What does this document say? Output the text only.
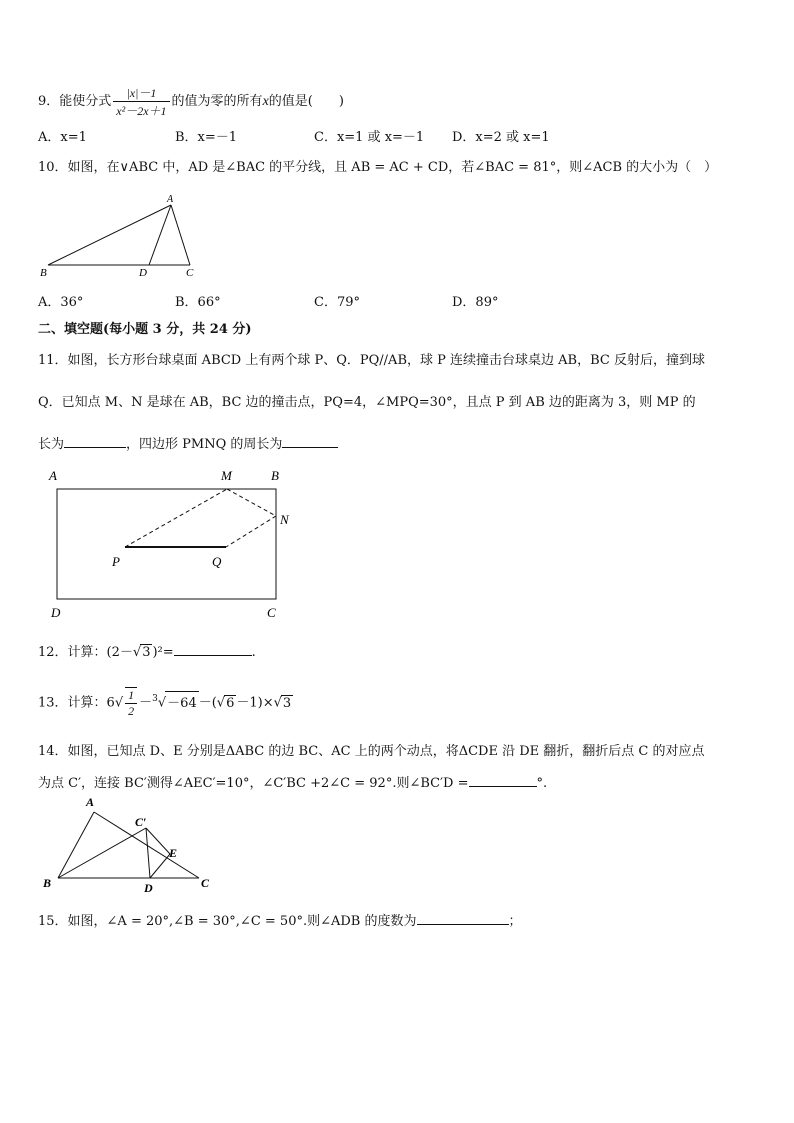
9．能使分式 $\frac{|x|-1}{\text{x²－2x＋1}}$ 的值为零的所有x的值是(　　)
A．x=1	B．x=－1	C．x=1 或 x=－1 D．x=2 或 x=1
10．如图，在∨ABC 中，AD 是∠BAC 的平分线，且 AB = AC + CD，若∠BAC = 81°，则∠ACB 的大小为（　）
A
B	D	C
A．36°	B．66°	C．79°	D．89°
二、填空题(每小题 3 分，共 24 分)
11．如图，长方形台球桌面 ABCD 上有两个球 P、Q．PQ//AB，球 P 连续撞击台球桌边 AB，BC 反射后，撞到球
Q．已知点 M、N 是球在 AB，BC 边的撞击点，PQ=4，∠MPQ=30°，且点 P 到 AB 边的距离为 3，则 MP 的
长为	，四边形 PMNQ 的周长为
A	B
M
N
P	Q
D	C
12．计算：(2－√3 )²=	.
13．计算：$6√ \frac{1}{2} -^3√-64 -(√6 -1)\times√3$
14．如图，已知点 D、E 分别是ΔABC 的边 BC、AC 上的两个动点，将ΔCDE 沿 DE 翻折，翻折后点 C 的对应点
为点 C′，连接 BC′测得∠AEC′=10°，∠C′BC +2∠C = 92°.则∠BC′D =	°.
A
C′
E
B	D	C
15．如图，∠A = 20°,∠B = 30°,∠C = 50°.则∠ADB 的度数为	；
